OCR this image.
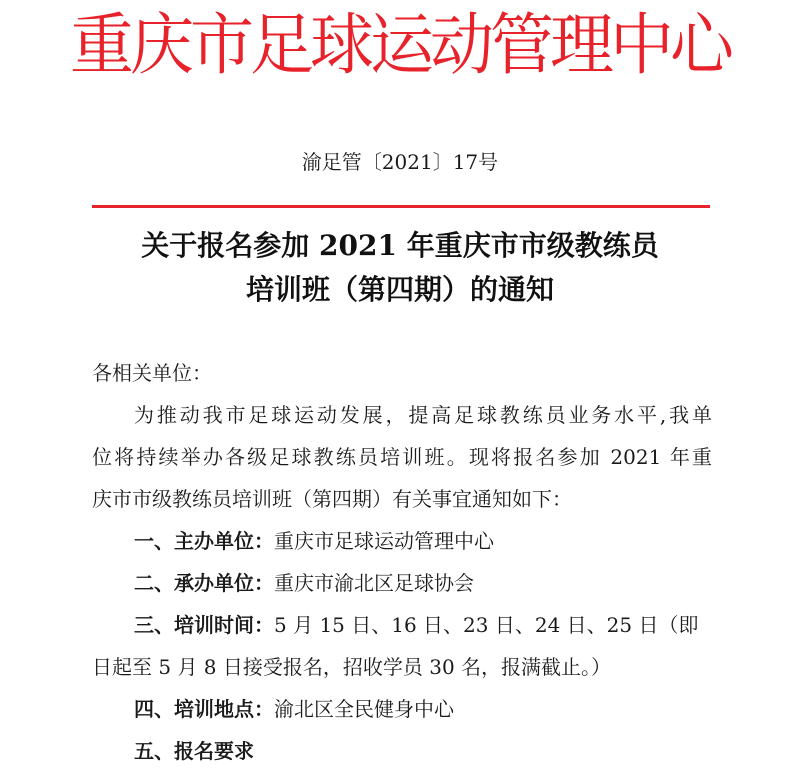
重庆市足球运动管理中心
渝足管〔2021〕17号
关于报名参加 2021 年重庆市市级教练员
培训班（第四期）的通知
各相关单位：
为推动我市足球运动发展，提高足球教练员业务水平,我单
位将持续举办各级足球教练员培训班。现将报名参加 2021 年重
庆市市级教练员培训班（第四期）有关事宜通知如下：
一、主办单位：重庆市足球运动管理中心
二、承办单位：重庆市渝北区足球协会
三、培训时间：5 月 15 日、16 日、23 日、24 日、25 日（即
日起至 5 月 8 日接受报名，招收学员 30 名，报满截止。）
四、培训地点：渝北区全民健身中心
五、报名要求
